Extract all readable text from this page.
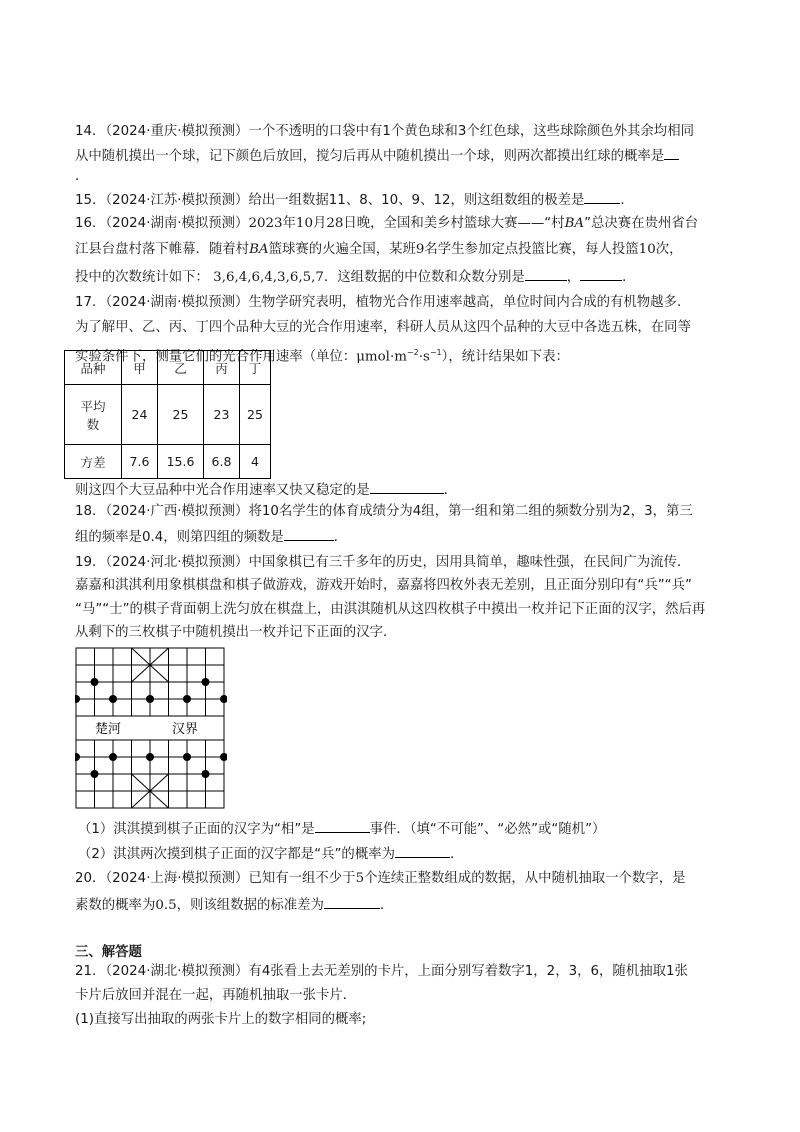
14．（2024·重庆·模拟预测）一个不透明的口袋中有1个黄色球和3个红色球，这些球除颜色外其余均相同
从中随机摸出一个球，记下颜色后放回，搅匀后再从中随机摸出一个球，则两次都摸出红球的概率是
．
15．（2024·江苏·模拟预测）给出一组数据11、8、10、9、12，则这组数组的极差是	．
16．（2024·湖南·模拟预测）2023年10月28日晚，全国和美乡村篮球大赛——“村BA”总决赛在贵州省台
江县台盘村落下帷幕．随着村BA篮球赛的火遍全国，某班9名学生参加定点投篮比赛，每人投篮10次，
投中的次数统计如下： 3,6,4,6,4,3,6,5,7．这组数据的中位数和众数分别是	，	．
17．（2024·湖南·模拟预测）生物学研究表明，植物光合作用速率越高，单位时间内合成的有机物越多．
为了解甲、乙、丙、丁四个品种大豆的光合作用速率，科研人员从这四个品种的大豆中各选五株，在同等
实验条件下，测量它们的光合作用速率（单位：$\mu mol\cdot m^{-2}\cdot s^{-1}$），统计结果如下表：
品种	甲	乙	丙	丁

平均
数	24	25	23	25
方差	7.6	15.6	6.8	4
则这四个大豆品种中光合作用速率又快又稳定的是	．
18．（2024·广西·模拟预测）将10名学生的体育成绩分为4组，第一组和第二组的频数分别为2，3，第三
组的频率是0.4，则第四组的频数是	．
19．（2024·河北·模拟预测）中国象棋已有三千多年的历史，因用具简单，趣味性强，在民间广为流传．
嘉嘉和淇淇利用象棋棋盘和棋子做游戏，游戏开始时，嘉嘉将四枚外表无差别，且正面分别印有“兵”“兵”
“马”“士”的棋子背面朝上洗匀放在棋盘上，由淇淇随机从这四枚棋子中摸出一枚并记下正面的汉字，然后再
从剩下的三枚棋子中随机摸出一枚并记下正面的汉字．
楚河	汉界
（1）淇淇摸到棋子正面的汉字为“相”是	事件．（填“不可能”、“必然”或“随机”）
（2）淇淇两次摸到棋子正面的汉字都是“兵”的概率为	．
20．（2024·上海·模拟预测）已知有一组不少于5个连续正整数组成的数据，从中随机抽取一个数字，是
素数的概率为0.5，则该组数据的标准差为	．
三、解答题
21．（2024·湖北·模拟预测）有4张看上去无差别的卡片，上面分别写着数字1，2，3，6，随机抽取1张
卡片后放回并混在一起，再随机抽取一张卡片．
(1)直接写出抽取的两张卡片上的数字相同的概率;
